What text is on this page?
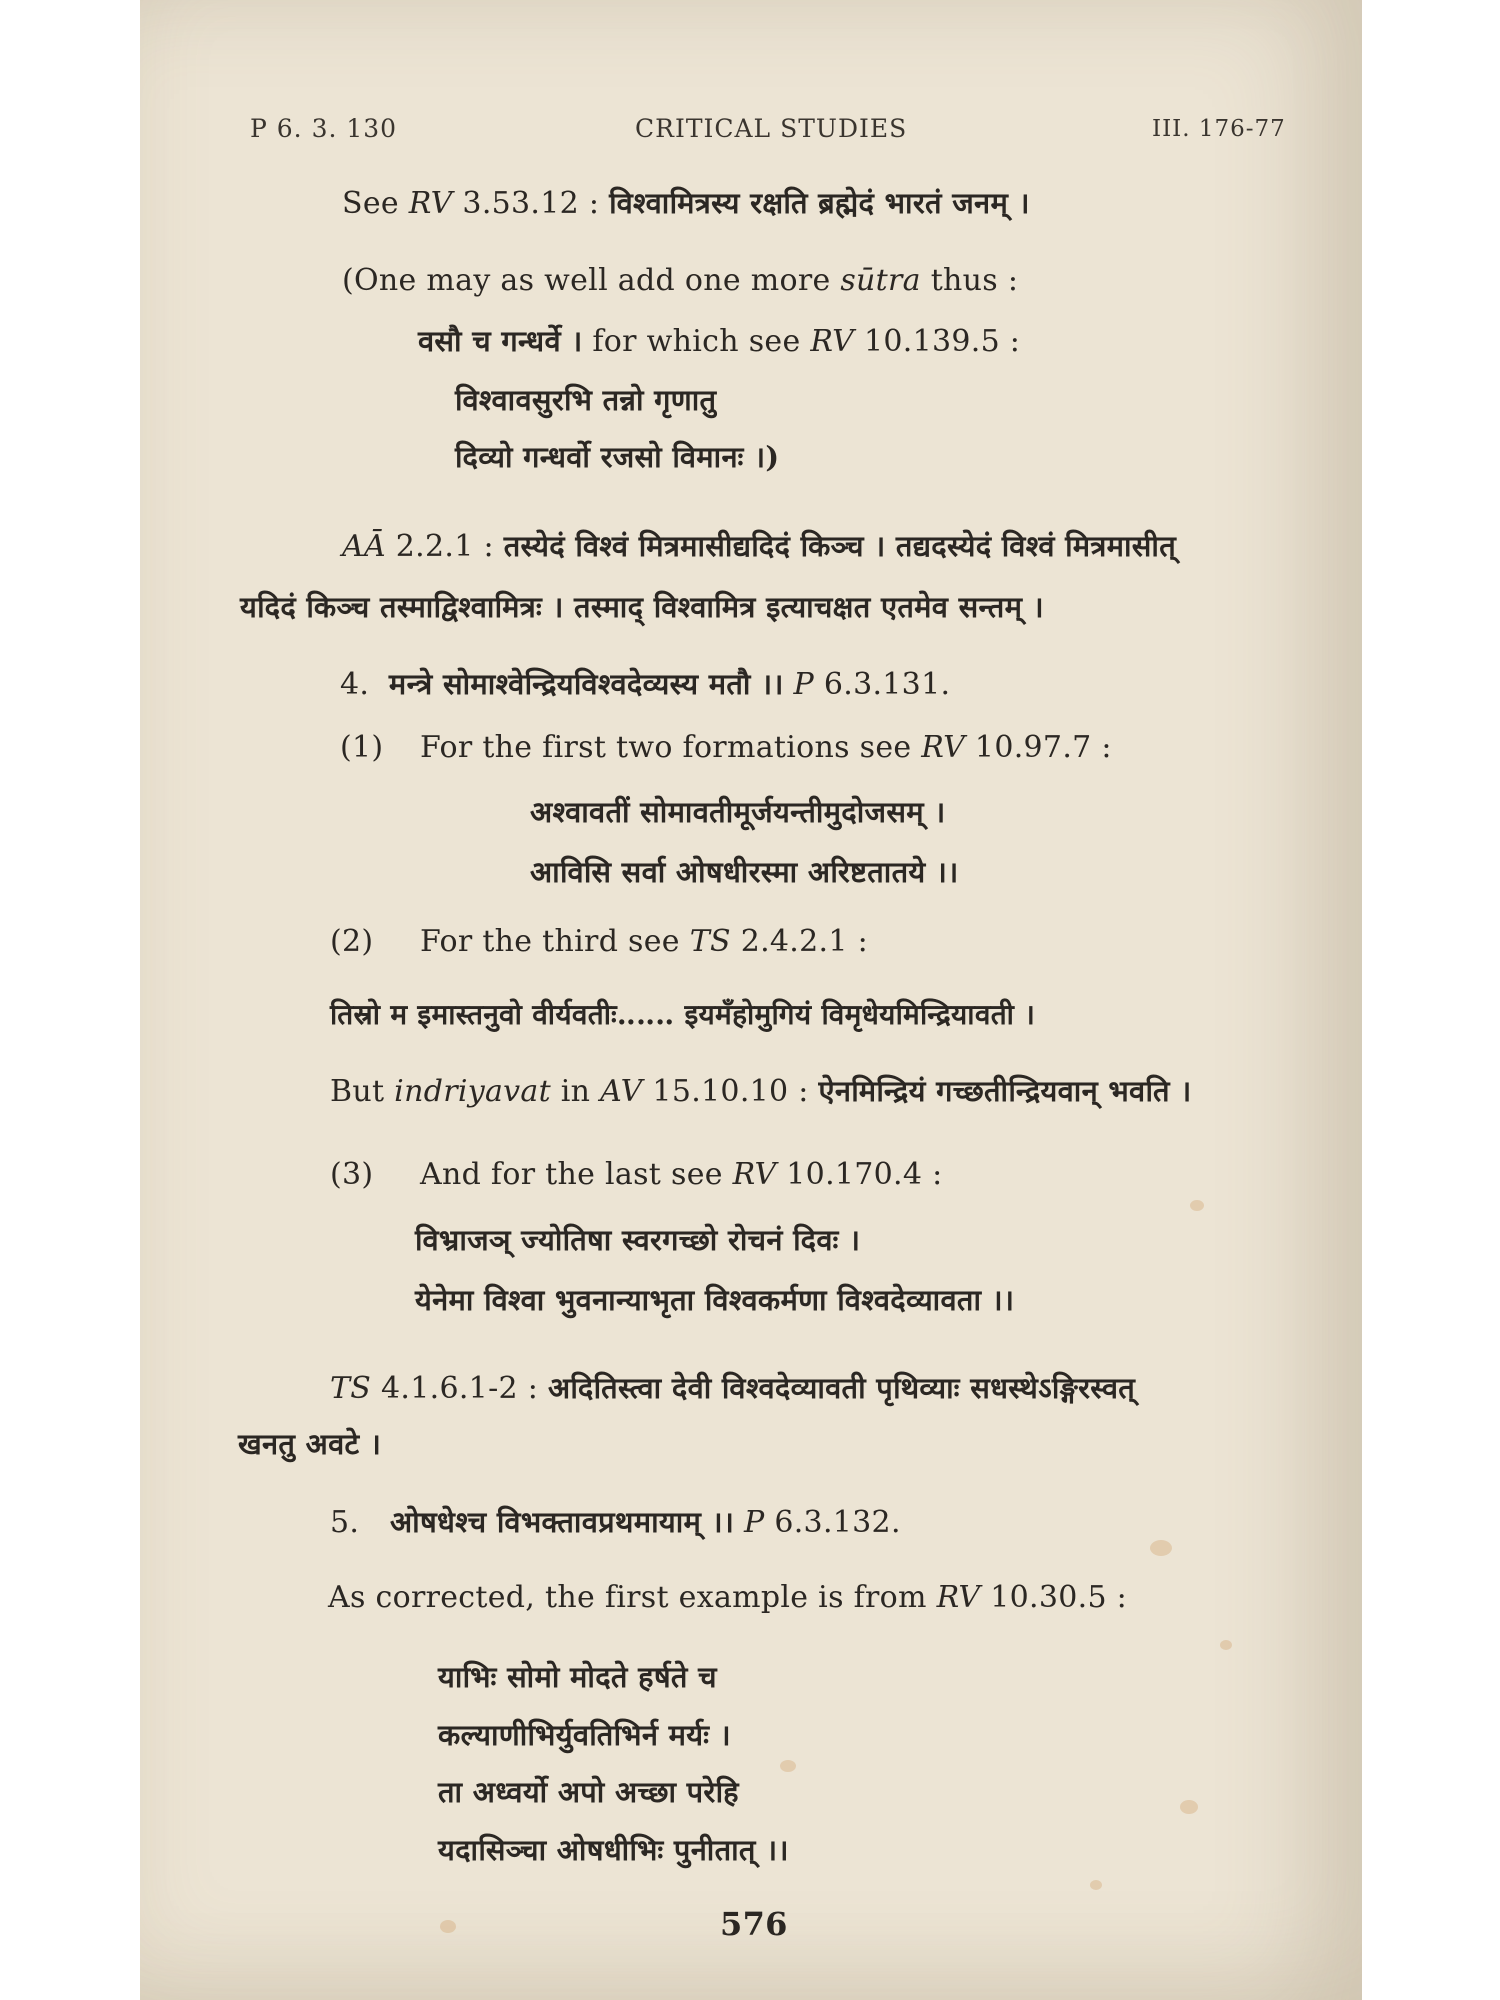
P 6. 3. 130	CRITICAL STUDIES	III. 176-77
See RV 3.53.12 : विश्वामित्रस्य रक्षति ब्रह्मेदं भारतं जनम् ।
(One may as well add one more sūtra thus :
वसौ च गन्धर्वे । for which see RV 10.139.5 :
विश्वावसुरभि तन्नो गृणातु
दिव्यो गन्धर्वो रजसो विमानः ।)
AĀ 2.2.1 : तस्येदं विश्वं मित्रमासीद्यदिदं किञ्च । तद्यदस्येदं विश्वं मित्रमासीत्
यदिदं किञ्च तस्माद्विश्वामित्रः । तस्माद् विश्वामित्र इत्याचक्षत एतमेव सन्तम् ।
4. मन्त्रे सोमाश्वेन्द्रियविश्वदेव्यस्य मतौ ।। P 6.3.131.
(1) For the first two formations see RV 10.97.7 :
अश्वावतीं सोमावतीमूर्जयन्तीमुदोजसम् ।
आविसि सर्वा ओषधीरस्मा अरिष्टतातये ।।
(2) For the third see TS 2.4.2.1 :
तिस्रो म इमास्तनुवो वीर्यवतीः‥‥‥ इयमँहोमुगियं विमृधेयमिन्द्रियावती ।
But indriyavat in AV 15.10.10 : ऐनमिन्द्रियं गच्छतीन्द्रियवान् भवति ।
(3) And for the last see RV 10.170.4 :
विभ्राजञ् ज्योतिषा स्वरगच्छो रोचनं दिवः ।
येनेमा विश्वा भुवनान्याभृता विश्वकर्मणा विश्वदेव्यावता ।।
TS 4.1.6.1-2 : अदितिस्त्वा देवी विश्वदेव्यावती पृथिव्याः सधस्थेऽङ्गिरस्वत्
खनतु अवटे ।
5. ओषधेश्च विभक्तावप्रथमायाम् ।। P 6.3.132.
As corrected, the first example is from RV 10.30.5 :
याभिः सोमो मोदते हर्षते च
कल्याणीभिर्युवतिभिर्न मर्यः ।
ता अध्वर्यो अपो अच्छा परेहि
यदासिञ्चा ओषधीभिः पुनीतात् ।।
576
